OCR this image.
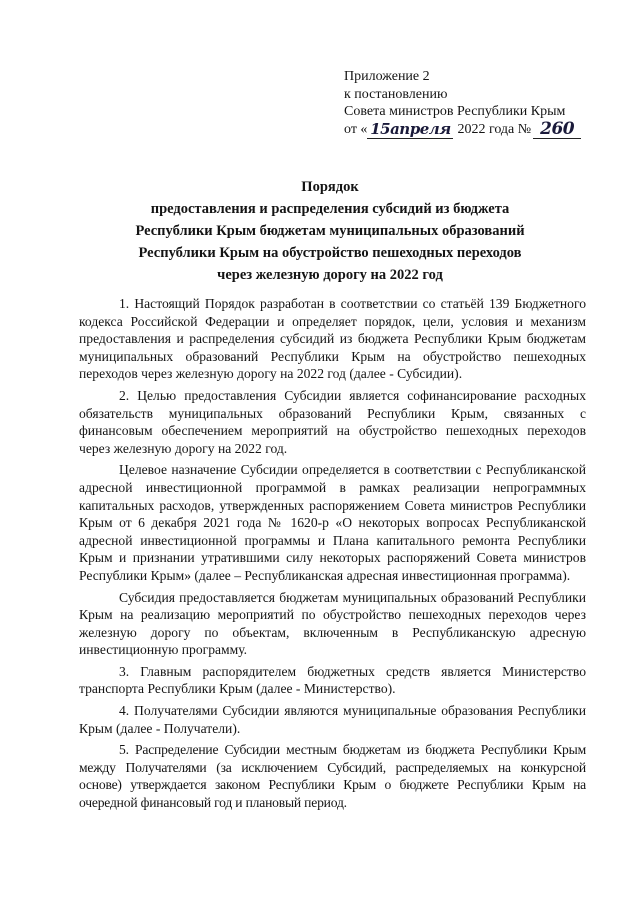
Приложение 2
к постановлению
Совета министров Республики Крым
от « 15апреля 2022 года № 260
Порядок
предоставления и распределения субсидий из бюджета
Республики Крым бюджетам муниципальных образований
Республики Крым на обустройство пешеходных переходов
через железную дорогу на 2022 год

1. Настоящий Порядок разработан в соответствии со статьёй 139 Бюджетного кодекса Российской Федерации и определяет порядок, цели, условия и механизм предоставления и распределения субсидий из бюджета Республики Крым бюджетам муниципальных образований Республики Крым на обустройство пешеходных переходов через железную дорогу на 2022 год (далее - Субсидии).

2. Целью предоставления Субсидии является софинансирование расходных обязательств муниципальных образований Республики Крым, связанных с финансовым обеспечением мероприятий на обустройство пешеходных переходов через железную дорогу на 2022 год.

Целевое назначение Субсидии определяется в соответствии с Республиканской адресной инвестиционной программой в рамках реализации непрограммных капитальных расходов, утвержденных распоряжением Совета министров Республики Крым от 6 декабря 2021 года № 1620-р «О некоторых вопросах Республиканской адресной инвестиционной программы и Плана капитального ремонта Республики Крым и признании утратившими силу некоторых распоряжений Совета министров Республики Крым» (далее – Республиканская адресная инвестиционная программа).

Субсидия предоставляется бюджетам муниципальных образований Республики Крым на реализацию мероприятий по обустройство пешеходных переходов через железную дорогу по объектам, включенным в Республиканскую адресную инвестиционную программу.

3. Главным распорядителем бюджетных средств является Министерство транспорта Республики Крым (далее - Министерство).

4. Получателями Субсидии являются муниципальные образования Республики Крым (далее - Получатели).

5. Распределение Субсидии местным бюджетам из бюджета Республики Крым между Получателями (за исключением Субсидий, распределяемых на конкурсной основе) утверждается законом Республики Крым о бюджете Республики Крым на очередной финансовый год и плановый период.
